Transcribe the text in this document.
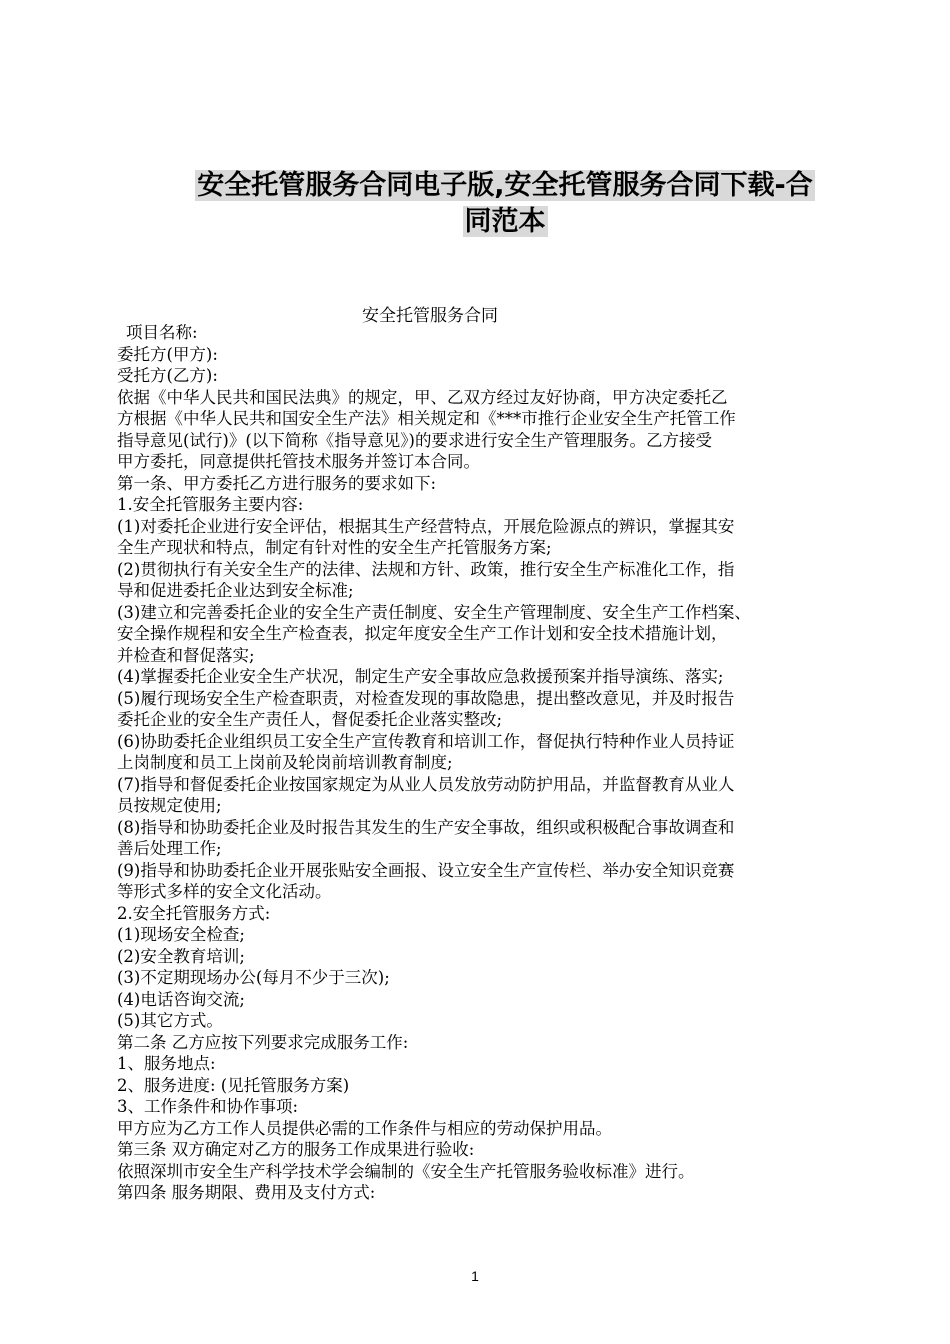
安全托管服务合同电子版,安全托管服务合同下载-合
同范本
安全托管服务合同
项目名称:
委托方(甲方):
受托方(乙方):
依据《中华人民共和国民法典》的规定，甲、乙双方经过友好协商，甲方决定委托乙
方根据《中华人民共和国安全生产法》相关规定和《***市推行企业安全生产托管工作
指导意见(试行)》(以下简称《指导意见》)的要求进行安全生产管理服务。乙方接受
甲方委托，同意提供托管技术服务并签订本合同。
第一条、甲方委托乙方进行服务的要求如下:
1.安全托管服务主要内容:
(1)对委托企业进行安全评估，根据其生产经营特点，开展危险源点的辨识，掌握其安
全生产现状和特点，制定有针对性的安全生产托管服务方案;
(2)贯彻执行有关安全生产的法律、法规和方针、政策，推行安全生产标准化工作，指
导和促进委托企业达到安全标准;
(3)建立和完善委托企业的安全生产责任制度、安全生产管理制度、安全生产工作档案、
安全操作规程和安全生产检查表，拟定年度安全生产工作计划和安全技术措施计划，
并检查和督促落实;
(4)掌握委托企业安全生产状况，制定生产安全事故应急救援预案并指导演练、落实;
(5)履行现场安全生产检查职责，对检查发现的事故隐患，提出整改意见，并及时报告
委托企业的安全生产责任人，督促委托企业落实整改;
(6)协助委托企业组织员工安全生产宣传教育和培训工作，督促执行特种作业人员持证
上岗制度和员工上岗前及轮岗前培训教育制度;
(7)指导和督促委托企业按国家规定为从业人员发放劳动防护用品，并监督教育从业人
员按规定使用;
(8)指导和协助委托企业及时报告其发生的生产安全事故，组织或积极配合事故调查和
善后处理工作;
(9)指导和协助委托企业开展张贴安全画报、设立安全生产宣传栏、举办安全知识竞赛
等形式多样的安全文化活动。
2.安全托管服务方式:
(1)现场安全检查;
(2)安全教育培训;
(3)不定期现场办公(每月不少于三次);
(4)电话咨询交流;
(5)其它方式。
第二条 乙方应按下列要求完成服务工作:
1、服务地点:
2、服务进度: (见托管服务方案)
3、工作条件和协作事项:
甲方应为乙方工作人员提供必需的工作条件与相应的劳动保护用品。
第三条 双方确定对乙方的服务工作成果进行验收:
依照深圳市安全生产科学技术学会编制的《安全生产托管服务验收标准》进行。
第四条 服务期限、费用及支付方式:
1
